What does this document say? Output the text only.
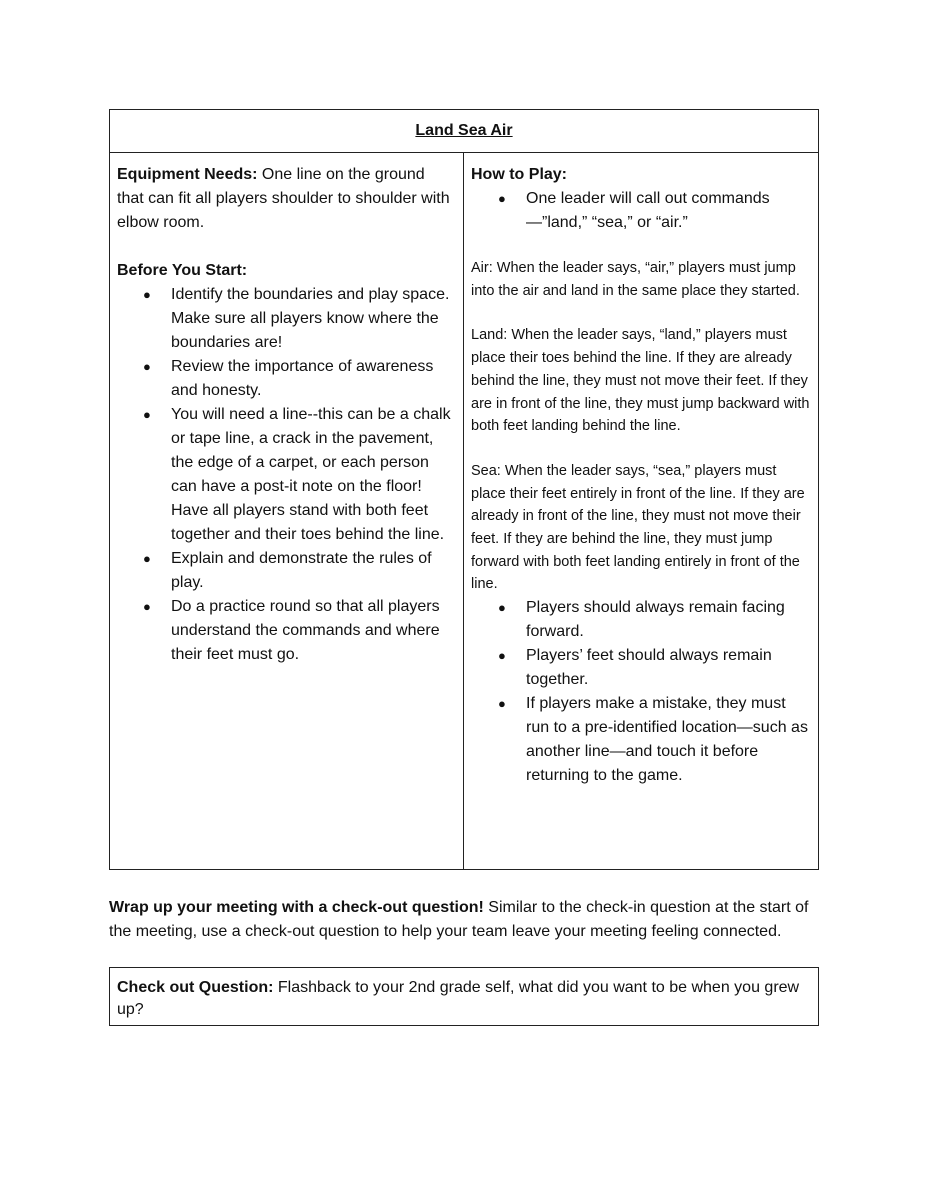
Land Sea Air

Equipment Needs: One line on the ground that can fit all players shoulder to shoulder with elbow room.

Before You Start:

● Identify the boundaries and play space. Make sure all players know where the boundaries are!
● Review the importance of awareness and honesty.
● You will need a line--this can be a chalk or tape line, a crack in the pavement, the edge of a carpet, or each person can have a post-it note on the floor! Have all players stand with both feet together and their toes behind the line.
● Explain and demonstrate the rules of play.
● Do a practice round so that all players understand the commands and where their feet must go.

How to Play:

● One leader will call out commands—”land,” “sea,” or “air.”

Air: When the leader says, “air,” players must jump into the air and land in the same place they started.

Land: When the leader says, “land,” players must place their toes behind the line. If they are already behind the line, they must not move their feet. If they are in front of the line, they must jump backward with both feet landing behind the line.

Sea: When the leader says, “sea,” players must place their feet entirely in front of the line. If they are already in front of the line, they must not move their feet. If they are behind the line, they must jump forward with both feet landing entirely in front of the line.

● Players should always remain facing forward.
● Players’ feet should always remain together.
● If players make a mistake, they must run to a pre-identified location—such as another line—and touch it before returning to the game.

Wrap up your meeting with a check-out question! Similar to the check-in question at the start of the meeting, use a check-out question to help your team leave your meeting feeling connected.

Check out Question: Flashback to your 2nd grade self, what did you want to be when you grew up?
